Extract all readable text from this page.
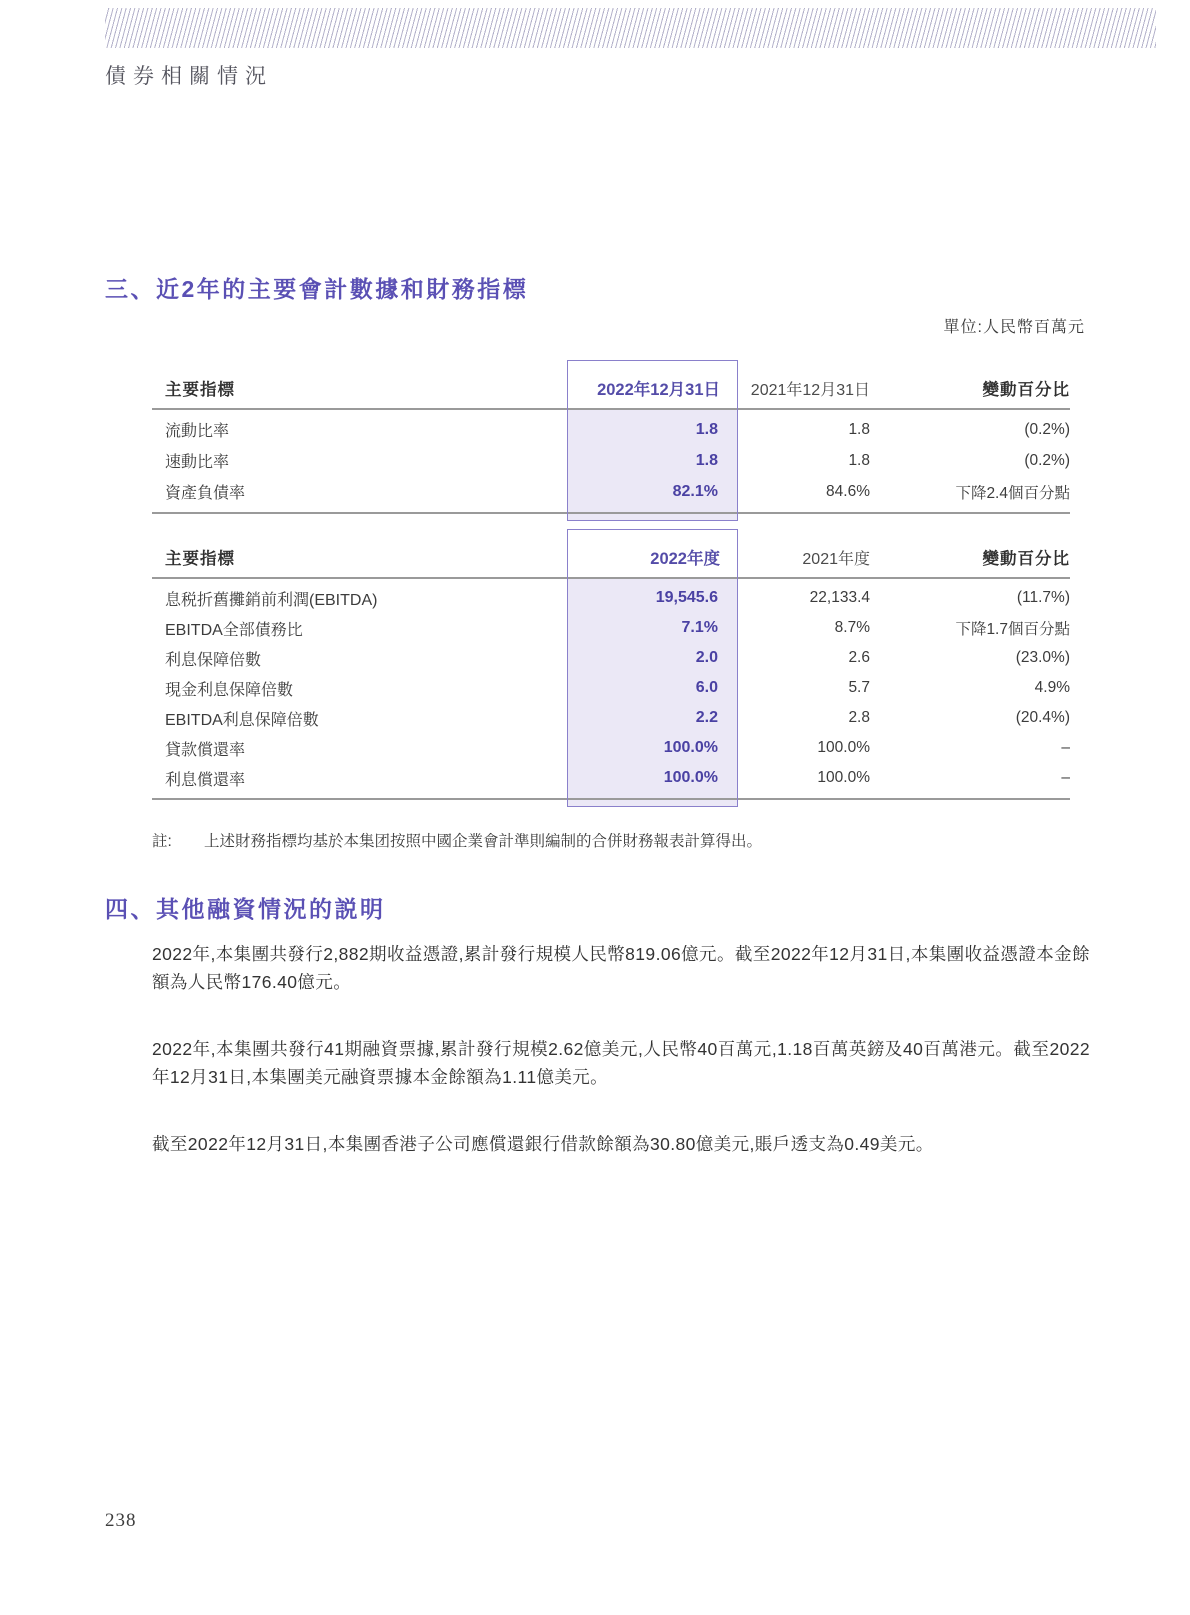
債券相關情況
三、近2年的主要會計數據和財務指標
單位:人民幣百萬元
主要指標	2022年12月31日	2021年12月31日	變動百分比
流動比率	1.8	1.8	(0.2%)
速動比率	1.8	1.8	(0.2%)
資產負債率	82.1%	84.6%	下降2.4個百分點
主要指標	2022年度	2021年度	變動百分比
息税折舊攤銷前利潤(EBITDA)	19,545.6	22,133.4	(11.7%)
EBITDA全部債務比	7.1%	8.7%	下降1.7個百分點
利息保障倍數	2.0	2.6	(23.0%)
現金利息保障倍數	6.0	5.7	4.9%
EBITDA利息保障倍數	2.2	2.8	(20.4%)
貸款償還率	100.0%	100.0%	–
利息償還率	100.0%	100.0%	–
註:	上述財務指標均基於本集团按照中國企業會計準則編制的合併財務報表計算得出。
四、其他融資情況的説明
2022年,本集團共發行2,882期收益憑證,累計發行規模人民幣819.06億元。截至2022年12月31日,本集團收益憑證本金餘額為人民幣176.40億元。
2022年,本集團共發行41期融資票據,累計發行規模2.62億美元,人民幣40百萬元,1.18百萬英鎊及40百萬港元。截至2022年12月31日,本集團美元融資票據本金餘額為1.11億美元。
截至2022年12月31日,本集團香港子公司應償還銀行借款餘額為30.80億美元,賬戶透支為0.49美元。
238
